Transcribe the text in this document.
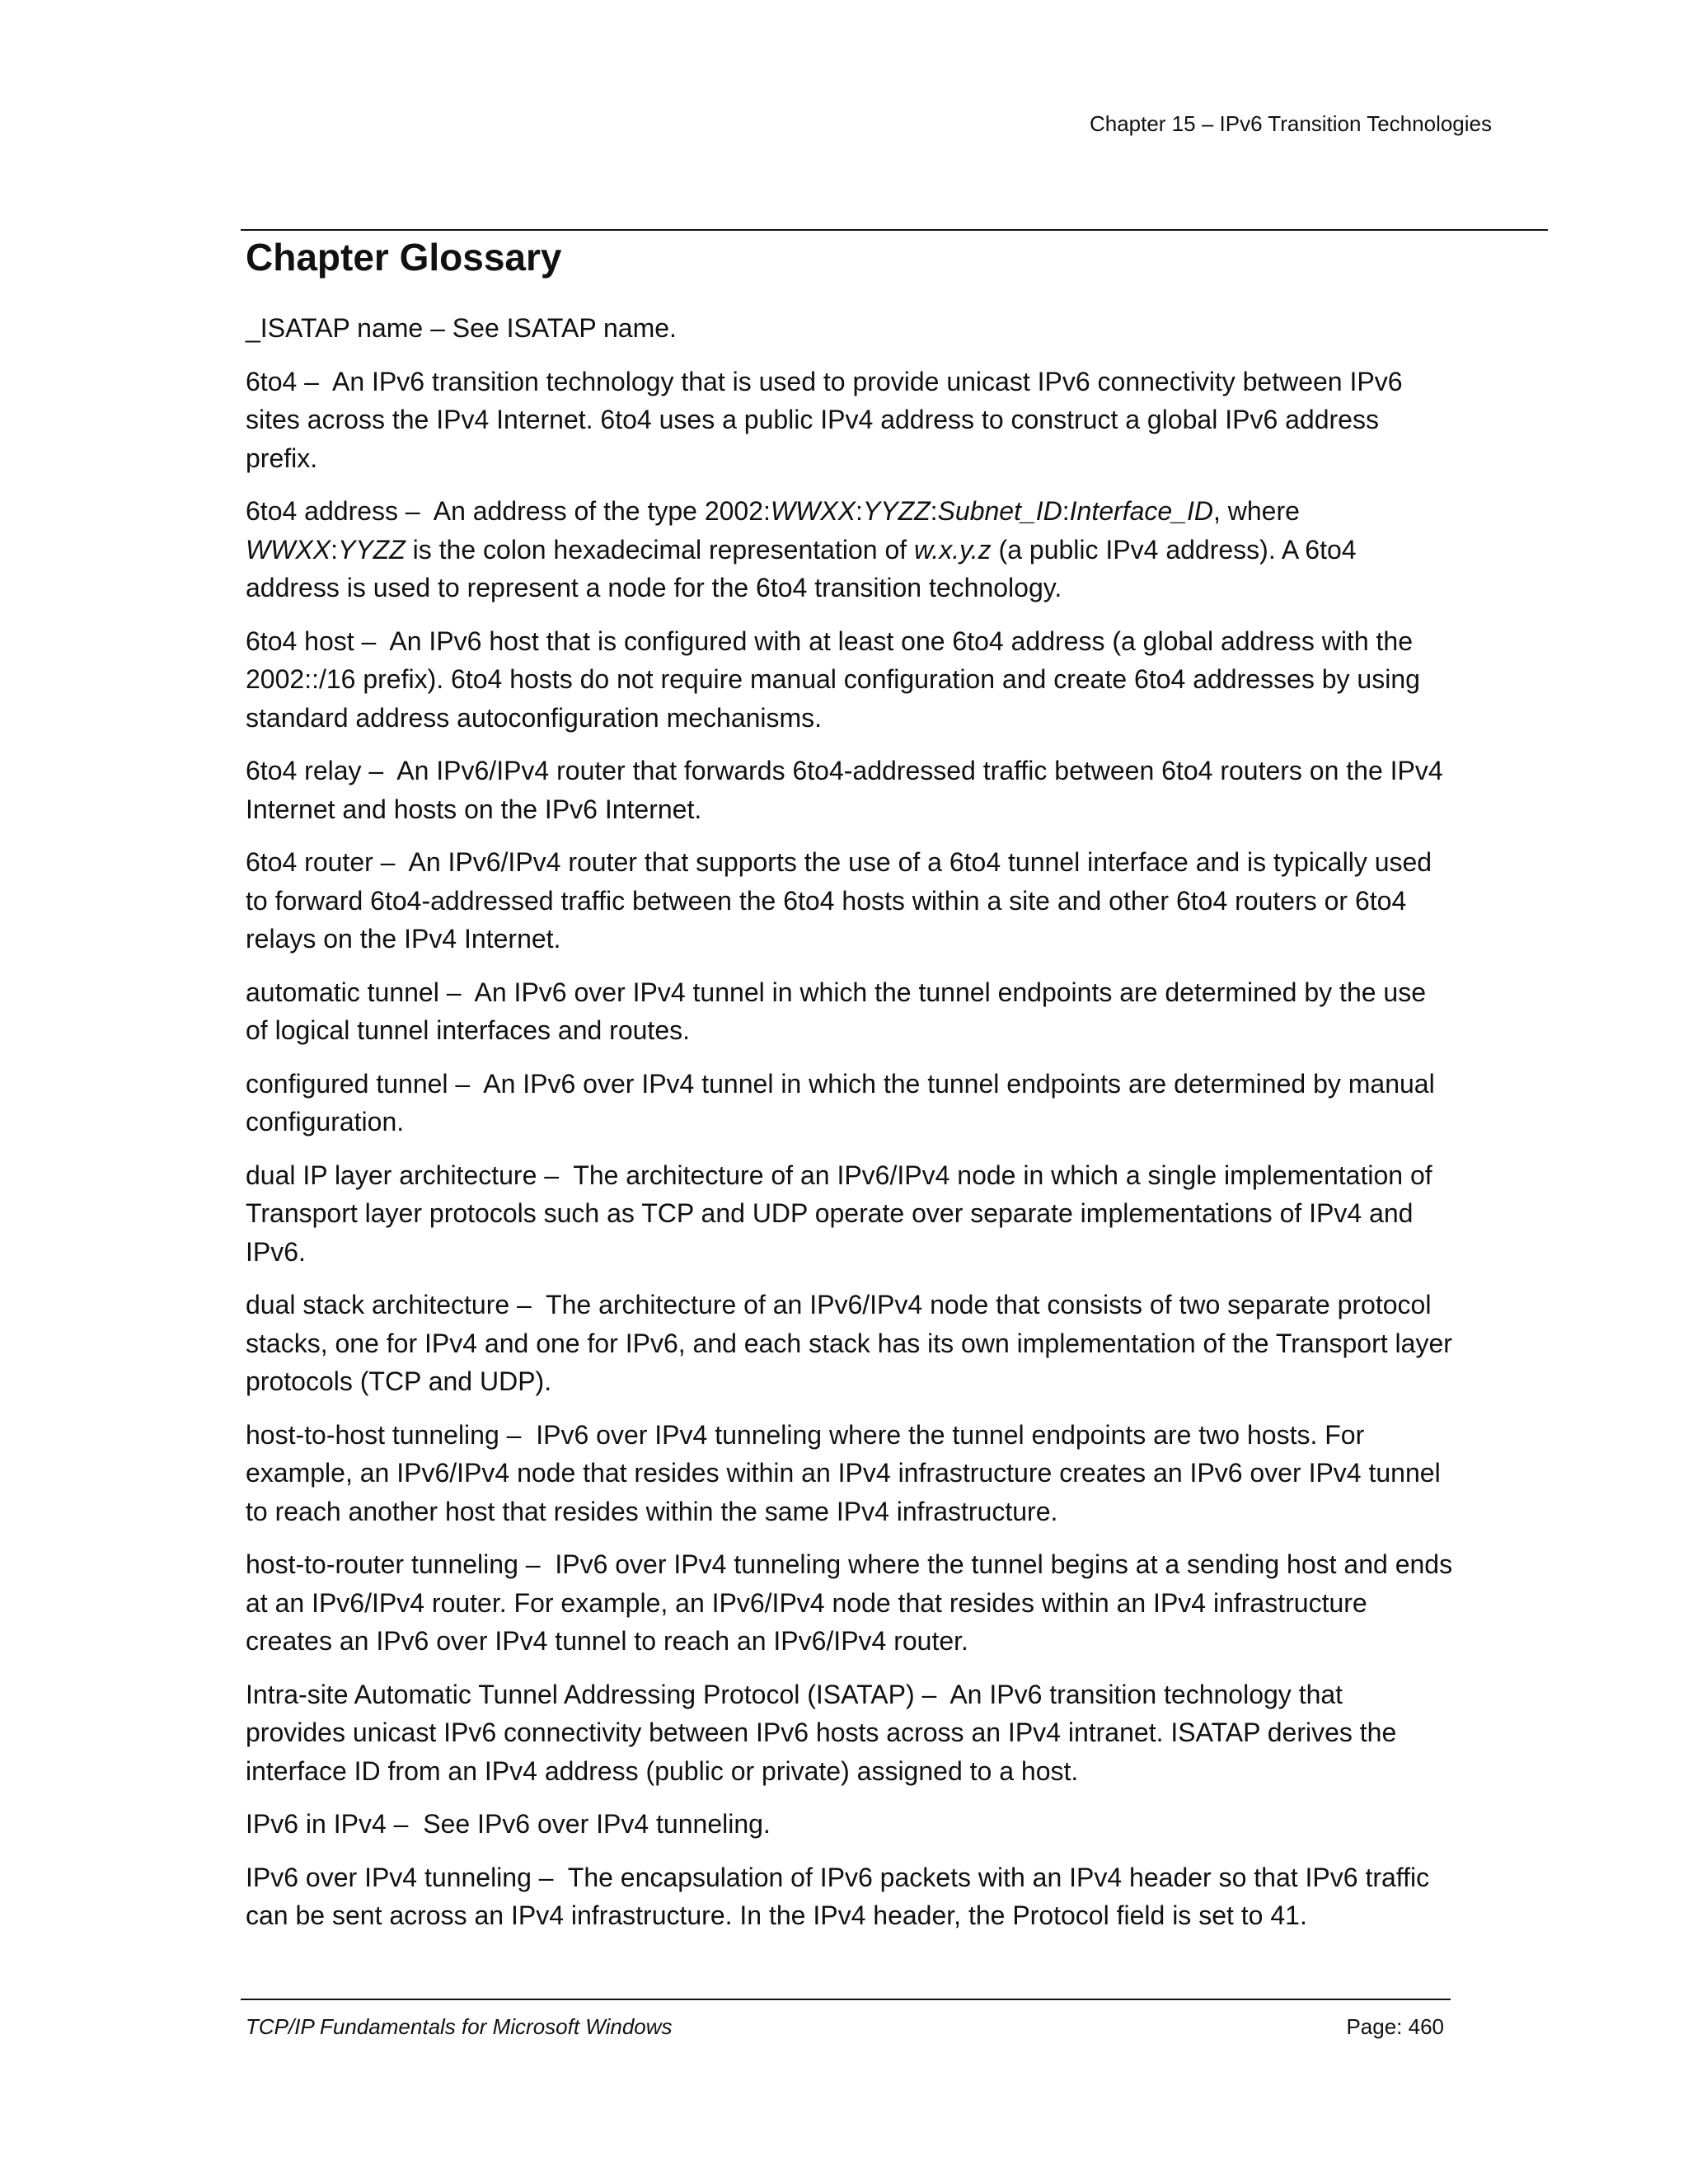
Chapter 15 – IPv6 Transition Technologies
Chapter Glossary

_ISATAP name – See ISATAP name.

6to4 –  An IPv6 transition technology that is used to provide unicast IPv6 connectivity between IPv6
sites across the IPv4 Internet. 6to4 uses a public IPv4 address to construct a global IPv6 address
prefix.

6to4 address –  An address of the type 2002:WWXX:YYZZ:Subnet_ID:Interface_ID, where
WWXX:YYZZ is the colon hexadecimal representation of w.x.y.z (a public IPv4 address). A 6to4
address is used to represent a node for the 6to4 transition technology.

6to4 host –  An IPv6 host that is configured with at least one 6to4 address (a global address with the
2002::/16 prefix). 6to4 hosts do not require manual configuration and create 6to4 addresses by using
standard address autoconfiguration mechanisms.

6to4 relay –  An IPv6/IPv4 router that forwards 6to4-addressed traffic between 6to4 routers on the IPv4
Internet and hosts on the IPv6 Internet.

6to4 router –  An IPv6/IPv4 router that supports the use of a 6to4 tunnel interface and is typically used
to forward 6to4-addressed traffic between the 6to4 hosts within a site and other 6to4 routers or 6to4
relays on the IPv4 Internet.

automatic tunnel –  An IPv6 over IPv4 tunnel in which the tunnel endpoints are determined by the use
of logical tunnel interfaces and routes.

configured tunnel –  An IPv6 over IPv4 tunnel in which the tunnel endpoints are determined by manual
configuration.

dual IP layer architecture –  The architecture of an IPv6/IPv4 node in which a single implementation of
Transport layer protocols such as TCP and UDP operate over separate implementations of IPv4 and
IPv6.

dual stack architecture –  The architecture of an IPv6/IPv4 node that consists of two separate protocol
stacks, one for IPv4 and one for IPv6, and each stack has its own implementation of the Transport layer
protocols (TCP and UDP).

host-to-host tunneling –  IPv6 over IPv4 tunneling where the tunnel endpoints are two hosts. For
example, an IPv6/IPv4 node that resides within an IPv4 infrastructure creates an IPv6 over IPv4 tunnel
to reach another host that resides within the same IPv4 infrastructure.

host-to-router tunneling –  IPv6 over IPv4 tunneling where the tunnel begins at a sending host and ends
at an IPv6/IPv4 router. For example, an IPv6/IPv4 node that resides within an IPv4 infrastructure
creates an IPv6 over IPv4 tunnel to reach an IPv6/IPv4 router.

Intra-site Automatic Tunnel Addressing Protocol (ISATAP) –  An IPv6 transition technology that
provides unicast IPv6 connectivity between IPv6 hosts across an IPv4 intranet. ISATAP derives the
interface ID from an IPv4 address (public or private) assigned to a host.

IPv6 in IPv4 –  See IPv6 over IPv4 tunneling.

IPv6 over IPv4 tunneling –  The encapsulation of IPv6 packets with an IPv4 header so that IPv6 traffic
can be sent across an IPv4 infrastructure. In the IPv4 header, the Protocol field is set to 41.

TCP/IP Fundamentals for Microsoft Windows	Page: 460
